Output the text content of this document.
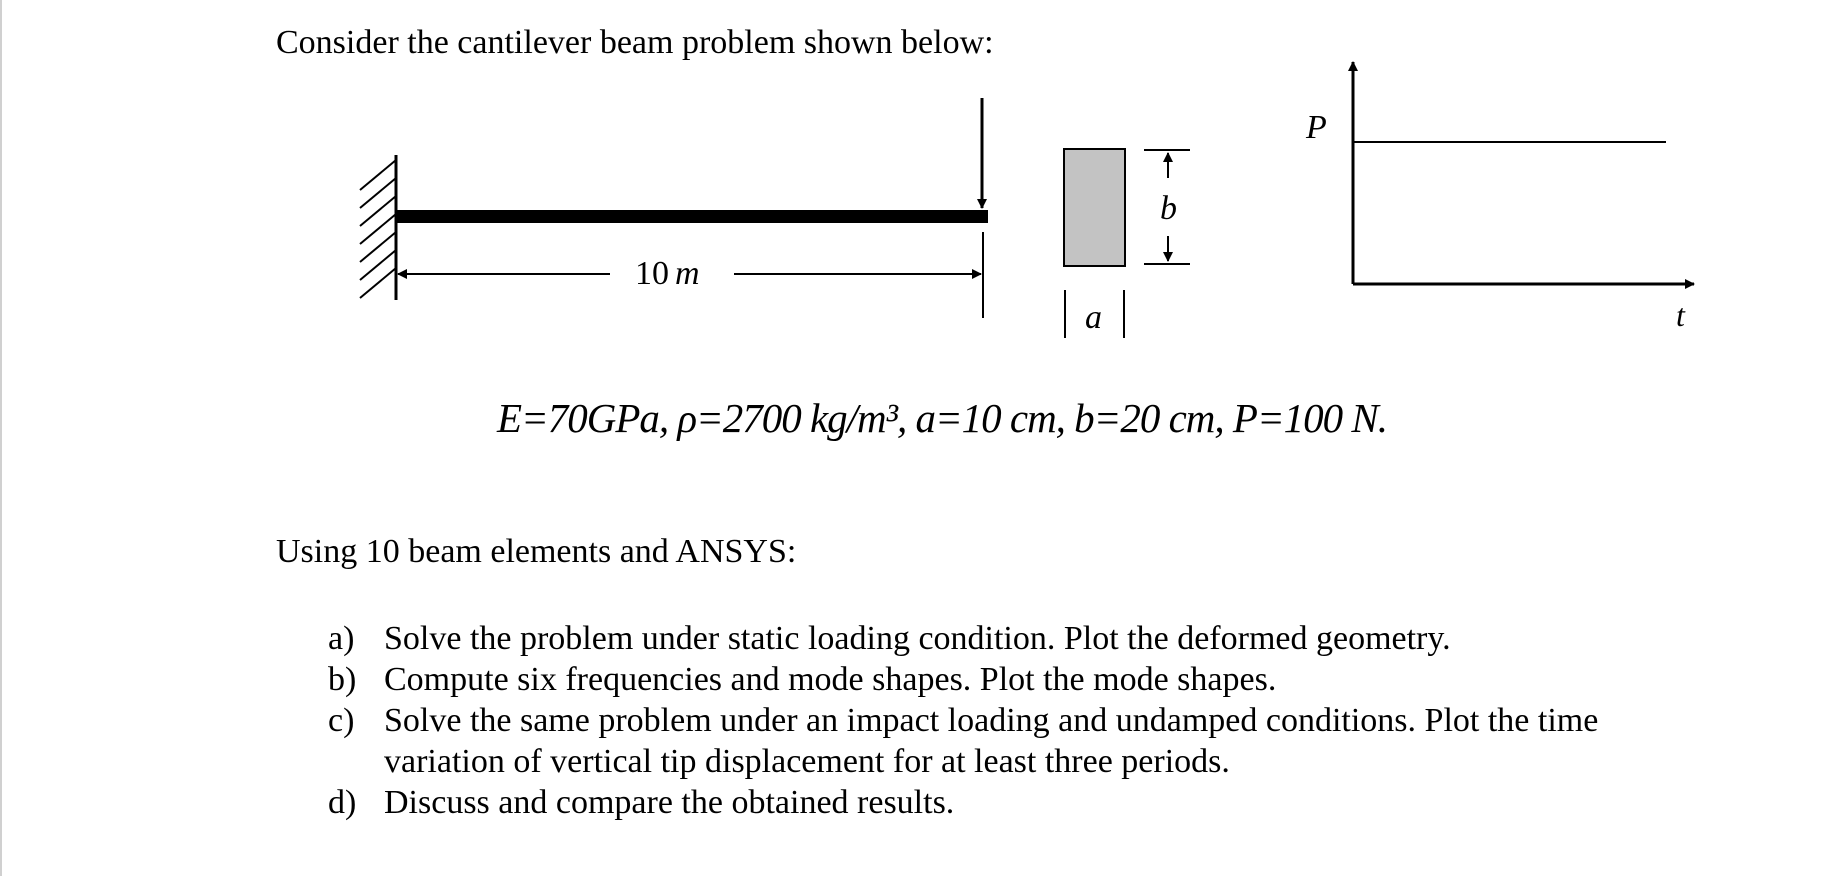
Consider the cantilever beam problem shown below:

10 m
b
a
P
t
E=70GPa, ρ=2700 kg/m³, a=10 cm, b=20 cm, P=100 N.

Using 10 beam elements and ANSYS:

a) Solve the problem under static loading condition. Plot the deformed geometry.
b) Compute six frequencies and mode shapes. Plot the mode shapes.
c) Solve the same problem under an impact loading and undamped conditions. Plot the time variation of vertical tip displacement for at least three periods.
d) Discuss and compare the obtained results.
